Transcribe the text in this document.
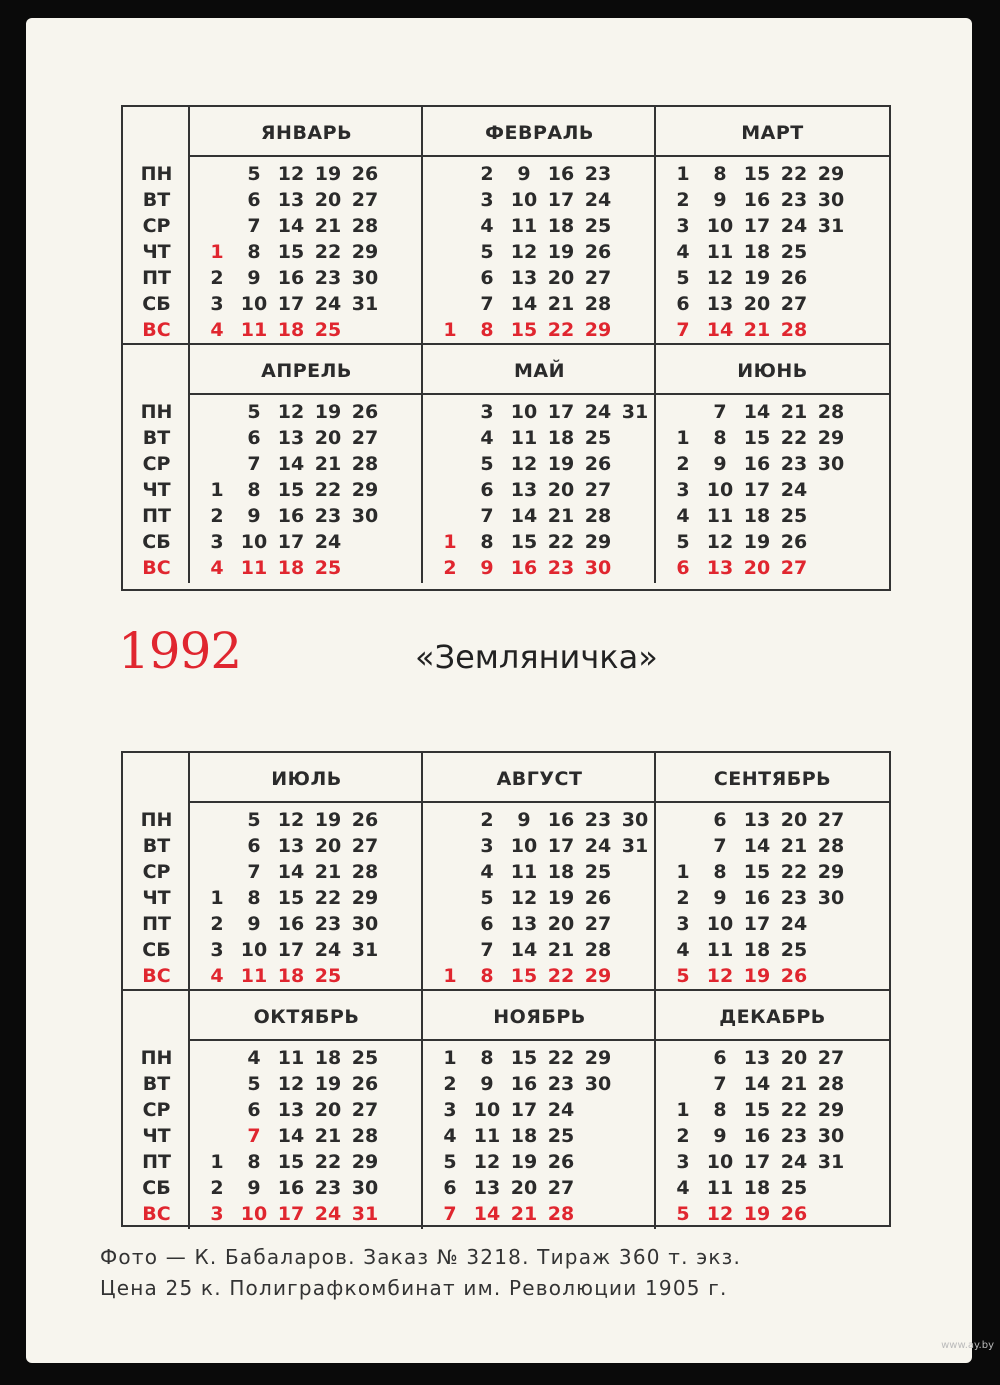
ПН
ВТ
СР
ЧТ
ПТ
СБ
ВС
ЯНВАРЬ
1
2
3
4
5
6
7
8
9
10
11
12
13
14
15
16
17
18
19
20
21
22
23
24
25
26
27
28
29
30
31
ФЕВРАЛЬ
1
2
3
4
5
6
7
8
9
10
11
12
13
14
15
16
17
18
19
20
21
22
23
24
25
26
27
28
29
МАРТ
1
2
3
4
5
6
7
8
9
10
11
12
13
14
15
16
17
18
19
20
21
22
23
24
25
26
27
28
29
30
31
ПН
ВТ
СР
ЧТ
ПТ
СБ
ВС
АПРЕЛЬ
1
2
3
4
5
6
7
8
9
10
11
12
13
14
15
16
17
18
19
20
21
22
23
24
25
26
27
28
29
30
МАЙ
1
2
3
4
5
6
7
8
9
10
11
12
13
14
15
16
17
18
19
20
21
22
23
24
25
26
27
28
29
30
31
ИЮНЬ
1
2
3
4
5
6
7
8
9
10
11
12
13
14
15
16
17
18
19
20
21
22
23
24
25
26
27
28
29
30
ПН
ВТ
СР
ЧТ
ПТ
СБ
ВС
ИЮЛЬ
1
2
3
4
5
6
7
8
9
10
11
12
13
14
15
16
17
18
19
20
21
22
23
24
25
26
27
28
29
30
31
АВГУСТ
1
2
3
4
5
6
7
8
9
10
11
12
13
14
15
16
17
18
19
20
21
22
23
24
25
26
27
28
29
30
31
СЕНТЯБРЬ
1
2
3
4
5
6
7
8
9
10
11
12
13
14
15
16
17
18
19
20
21
22
23
24
25
26
27
28
29
30
ПН
ВТ
СР
ЧТ
ПТ
СБ
ВС
ОКТЯБРЬ
1
2
3
4
5
6
7
8
9
10
11
12
13
14
15
16
17
18
19
20
21
22
23
24
25
26
27
28
29
30
31
НОЯБРЬ
1
2
3
4
5
6
7
8
9
10
11
12
13
14
15
16
17
18
19
20
21
22
23
24
25
26
27
28
29
30
ДЕКАБРЬ
1
2
3
4
5
6
7
8
9
10
11
12
13
14
15
16
17
18
19
20
21
22
23
24
25
26
27
28
29
30
31
1992	«Земляничка»
Фото — К. Бабаларов. Заказ № 3218. Тираж 360 т. экз.
Цена 25 к. Полиграфкомбинат им. Революции 1905 г.
www.ay.by
